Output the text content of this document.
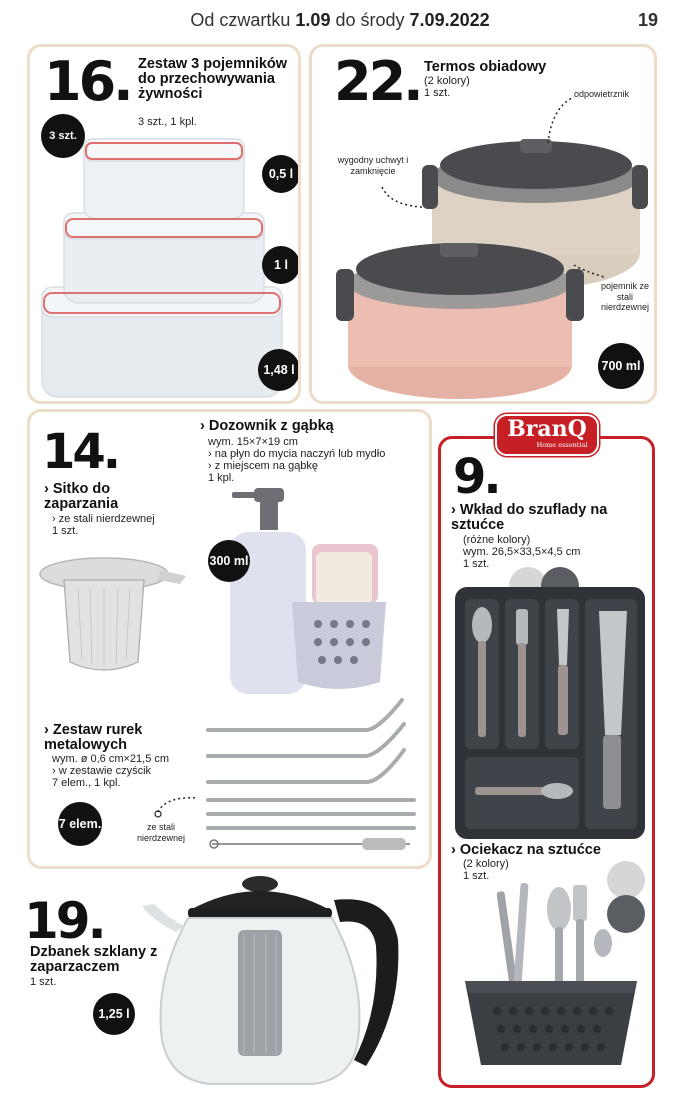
Od czwartku 1.09 do środy 7.09.2022	19
16. Zestaw 3 pojemników do przechowywania żywności
3 szt., 1 kpl.
3 szt.
0,5 l
1 l
1,48 l
22. Termos obiadowy
(2 kolory)
1 szt.	odpowietrznik
wygodny uchwyt i zamknięcie
pojemnik ze stali nierdzewnej
700 ml
14.
› Sitko do zaparzania
› ze stali nierdzewnej
1 szt.
› Dozownik z gąbką
wym. 15×7×19 cm
› na płyn do mycia naczyń lub mydło
› z miejscem na gąbkę
1 kpl.
300 ml
› Zestaw rurek metalowych
wym. ø 0,6 cm×21,5 cm
› w zestawie czyścik
7 elem., 1 kpl.
7 elem.	ze stali nierdzewnej
9.
› Wkład do szuflady na sztućce
(różne kolory)
wym. 26,5×33,5×4,5 cm
1 szt.
› Ociekacz na sztućce
(2 kolory)
1 szt.
BranQ
Home essential
19.
Dzbanek szklany z zaparzaczem
1 szt.
1,25 l
